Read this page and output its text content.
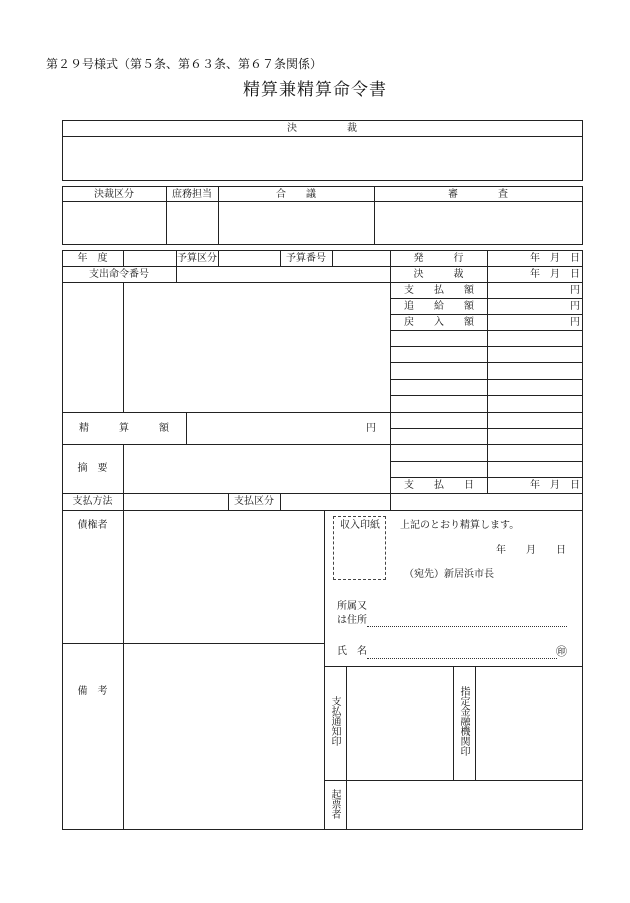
第２９号様式（第５条、第６３条、第６７条関係）
精算兼精算命令書
決　　　　　裁
決裁区分	庶務担当	合　　議	審　　　　査
年　度	予算区分	予算番号	発　　　行	年　月　日
支出命令番号	決　　　裁	年　月　日
支　　払　　額	円
追　　給　　額	円
戻　　入　　額	円
精　　　算　　　額	円
摘　要
支　　払　　日	年　月　日
支払方法	支払区分
債権者
備　考
収入印紙	上記のとおり精算します。
年　　月　　日
（宛先）新居浜市長
所属又
は住所
氏　名	㊞
支払通知印	指定金融機関印
起票者
